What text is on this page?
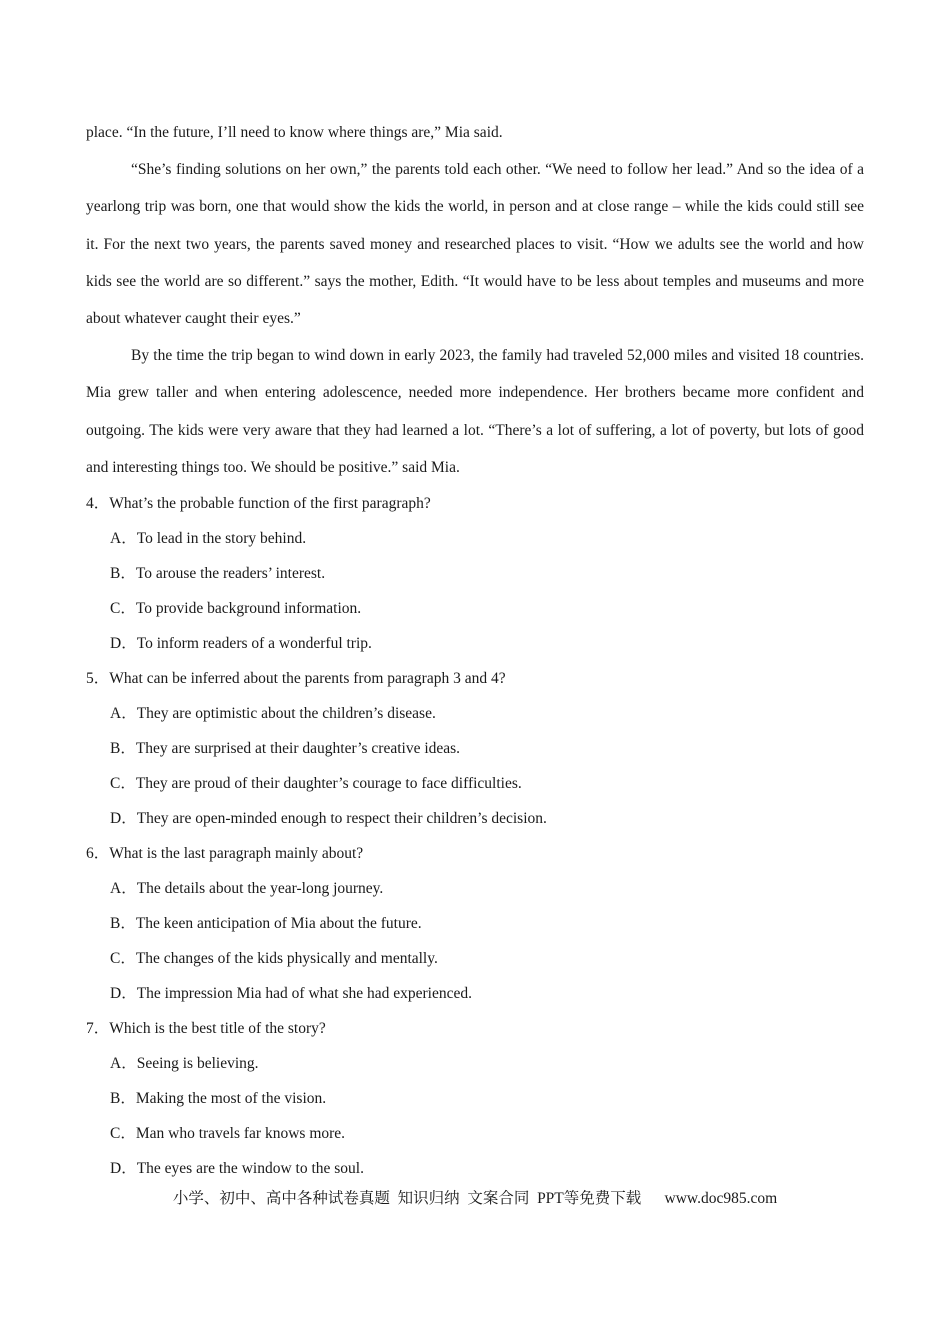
place. “In the future, I’ll need to know where things are,” Mia said.

“She’s finding solutions on her own,” the parents told each other. “We need to follow her lead.” And so the idea of a yearlong trip was born, one that would show the kids the world, in person and at close range – while the kids could still see it. For the next two years, the parents saved money and researched places to visit. “How we adults see the world and how kids see the world are so different.” says the mother, Edith. “It would have to be less about temples and museums and more about whatever caught their eyes.”

By the time the trip began to wind down in early 2023, the family had traveled 52,000 miles and visited 18 countries. Mia grew taller and when entering adolescence, needed more independence. Her brothers became more confident and outgoing. The kids were very aware that they had learned a lot. “There’s a lot of suffering, a lot of poverty, but lots of good and interesting things too. We should be positive.” said Mia.

4．What’s the probable function of the first paragraph?

A．To lead in the story behind.
B．To arouse the readers’ interest.
C．To provide background information.
D．To inform readers of a wonderful trip.

5．What can be inferred about the parents from paragraph 3 and 4?

A．They are optimistic about the children’s disease.
B．They are surprised at their daughter’s creative ideas.
C．They are proud of their daughter’s courage to face difficulties.
D．They are open-minded enough to respect their children’s decision.

6．What is the last paragraph mainly about?

A．The details about the year-long journey.
B．The keen anticipation of Mia about the future.
C．The changes of the kids physically and mentally.
D．The impression Mia had of what she had experienced.

7．Which is the best title of the story?

A．Seeing is believing.
B．Making the most of the vision.
C．Man who travels far knows more.
D．The eyes are the window to the soul.
小学、初中、高中各种试卷真题  知识归纳  文案合同  PPT等免费下载 www.doc985.com
